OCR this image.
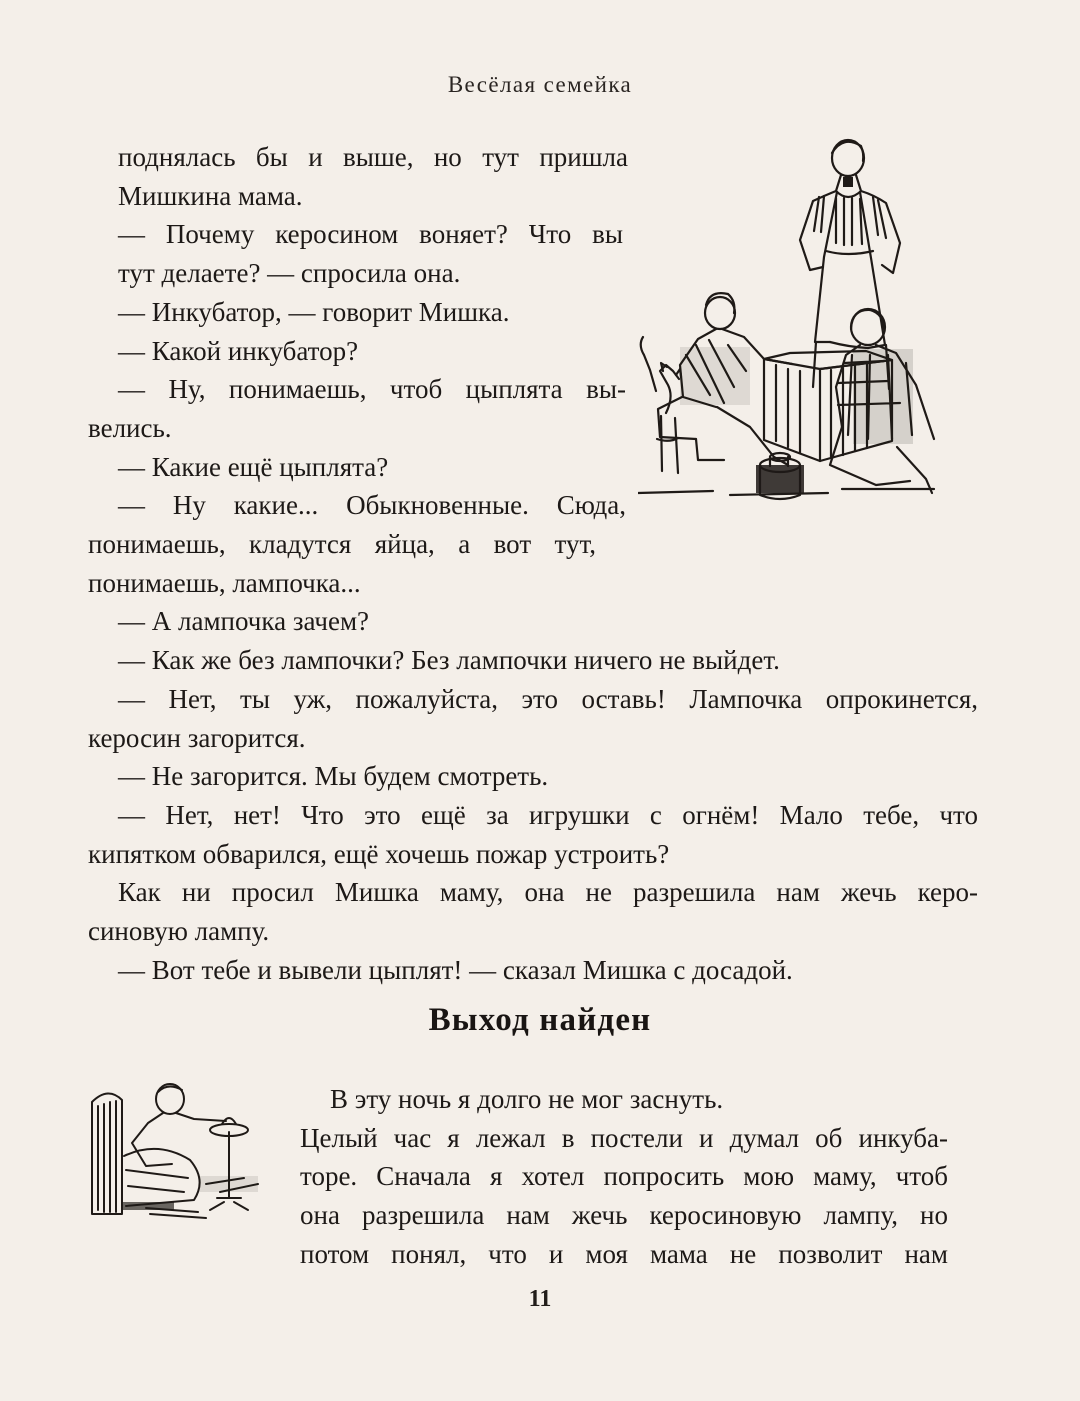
Весёлая семейка
поднялась бы и выше, но тут пришла
Мишкина мама.
— Почему керосином воняет? Что вы
тут делаете? — спросила она.
— Инкубатор, — говорит Мишка.
— Какой инкубатор?
— Ну, понимаешь, чтоб цыплята вы-
велись.
— Какие ещё цыплята?
— Ну какие... Обыкновенные. Сюда,
понимаешь, кладутся яйца, а вот тут,
понимаешь, лампочка...
— А лампочка зачем?
— Как же без лампочки? Без лампочки ничего не выйдет.
— Нет, ты уж, пожалуйста, это оставь! Лампочка опрокинется,
керосин загорится.
— Не загорится. Мы будем смотреть.
— Нет, нет! Что это ещё за игрушки с огнём! Мало тебе, что
кипятком обварился, ещё хочешь пожар устроить?
Как ни просил Мишка маму, она не разрешила нам жечь керо-
синовую лампу.
— Вот тебе и вывели цыплят! — сказал Мишка с досадой.
Выход найден
В эту ночь я долго не мог заснуть.
Целый час я лежал в постели и думал об инкуба-
торе. Сначала я хотел попросить мою маму, чтоб
она разрешила нам жечь керосиновую лампу, но
потом понял, что и моя мама не позволит нам
11
